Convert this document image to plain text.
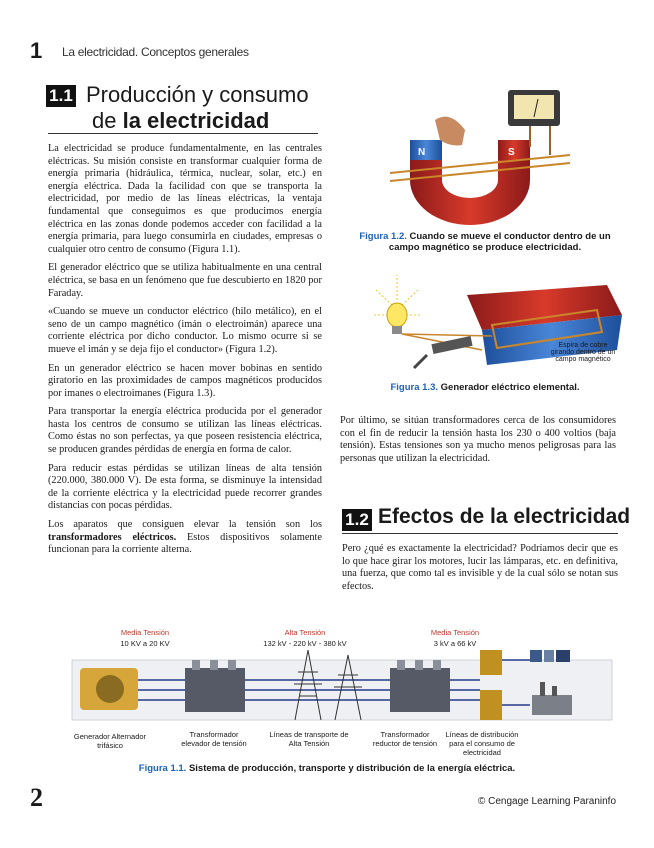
1 La electricidad. Conceptos generales
1.1 Producción y consumo
de la electricidad

La electricidad se produce fundamentalmente, en las centrales eléctricas. Su misión consiste en transformar cualquier forma de energía primaria (hidráulica, térmica, nuclear, solar, etc.) en energía eléctrica. Dada la facilidad con que se transporta la electricidad, por medio de las líneas eléctricas, la ventaja fundamental que conseguimos es que producimos energía eléctrica en las zonas donde podemos acceder con facilidad a la energía primaria, para luego consumirla en ciudades, empresas o cualquier otro centro de consumo (Figura 1.1).

El generador eléctrico que se utiliza habitualmente en una central eléctrica, se basa en un fenómeno que fue descubierto en 1820 por Faraday.

«Cuando se mueve un conductor eléctrico (hilo metálico), en el seno de un campo magnético (imán o electroimán) aparece una corriente eléctrica por dicho conductor. Lo mismo ocurre si se mueve el imán y se deja fijo el conductor» (Figura 1.2).

En un generador eléctrico se hacen mover bobinas en sentido giratorio en las proximidades de campos magnéticos producidos por imanes o electroimanes (Figura 1.3).

Para transportar la energía eléctrica producida por el generador hasta los centros de consumo se utilizan las líneas eléctricas. Como éstas no son perfectas, ya que poseen resistencia eléctrica, se producen grandes pérdidas de energía en forma de calor.

Para reducir estas pérdidas se utilizan líneas de alta tensión (220.000, 380.000 V). De esta forma, se disminuye la intensidad de la corriente eléctrica y la electricidad puede recorrer grandes distancias con pocas pérdidas.

Los aparatos que consiguen elevar la tensión son los transformadores eléctricos. Estos dispositivos solamente funcionan para la corriente alterna.

N	S
Figura 1.2. Cuando se mueve el conductor dentro de un campo magnético se produce electricidad.
Espira de cobre girando dentro de un campo magnético
Figura 1.3. Generador eléctrico elemental.

Por último, se sitúan transformadores cerca de los consumidores con el fin de reducir la tensión hasta los 230 o 400 voltios (baja tensión). Estas tensiones son ya mucho menos peligrosas para las personas que utilizan la electricidad.

1.2 Efectos de la electricidad
Pero ¿qué es exactamente la electricidad? Podríamos decir que es lo que hace girar los motores, lucir las lámparas, etc. en definitiva, una fuerza, que como tal es invisible y de la cual sólo se notan sus efectos.
Media Tensión
10 KV a 20 KV
Alta Tensión
132 kV - 220 kV - 380 kV
Media Tensión
3 kV a 66 kV
Generador Alternador trifásico
Transformador elevador de tensión
Líneas de transporte de Alta Tensión
Transformador reductor de tensión
Líneas de distribución para el consumo de electricidad
Figura 1.1. Sistema de producción, transporte y distribución de la energía eléctrica.
2	© Cengage Learning Paraninfo
